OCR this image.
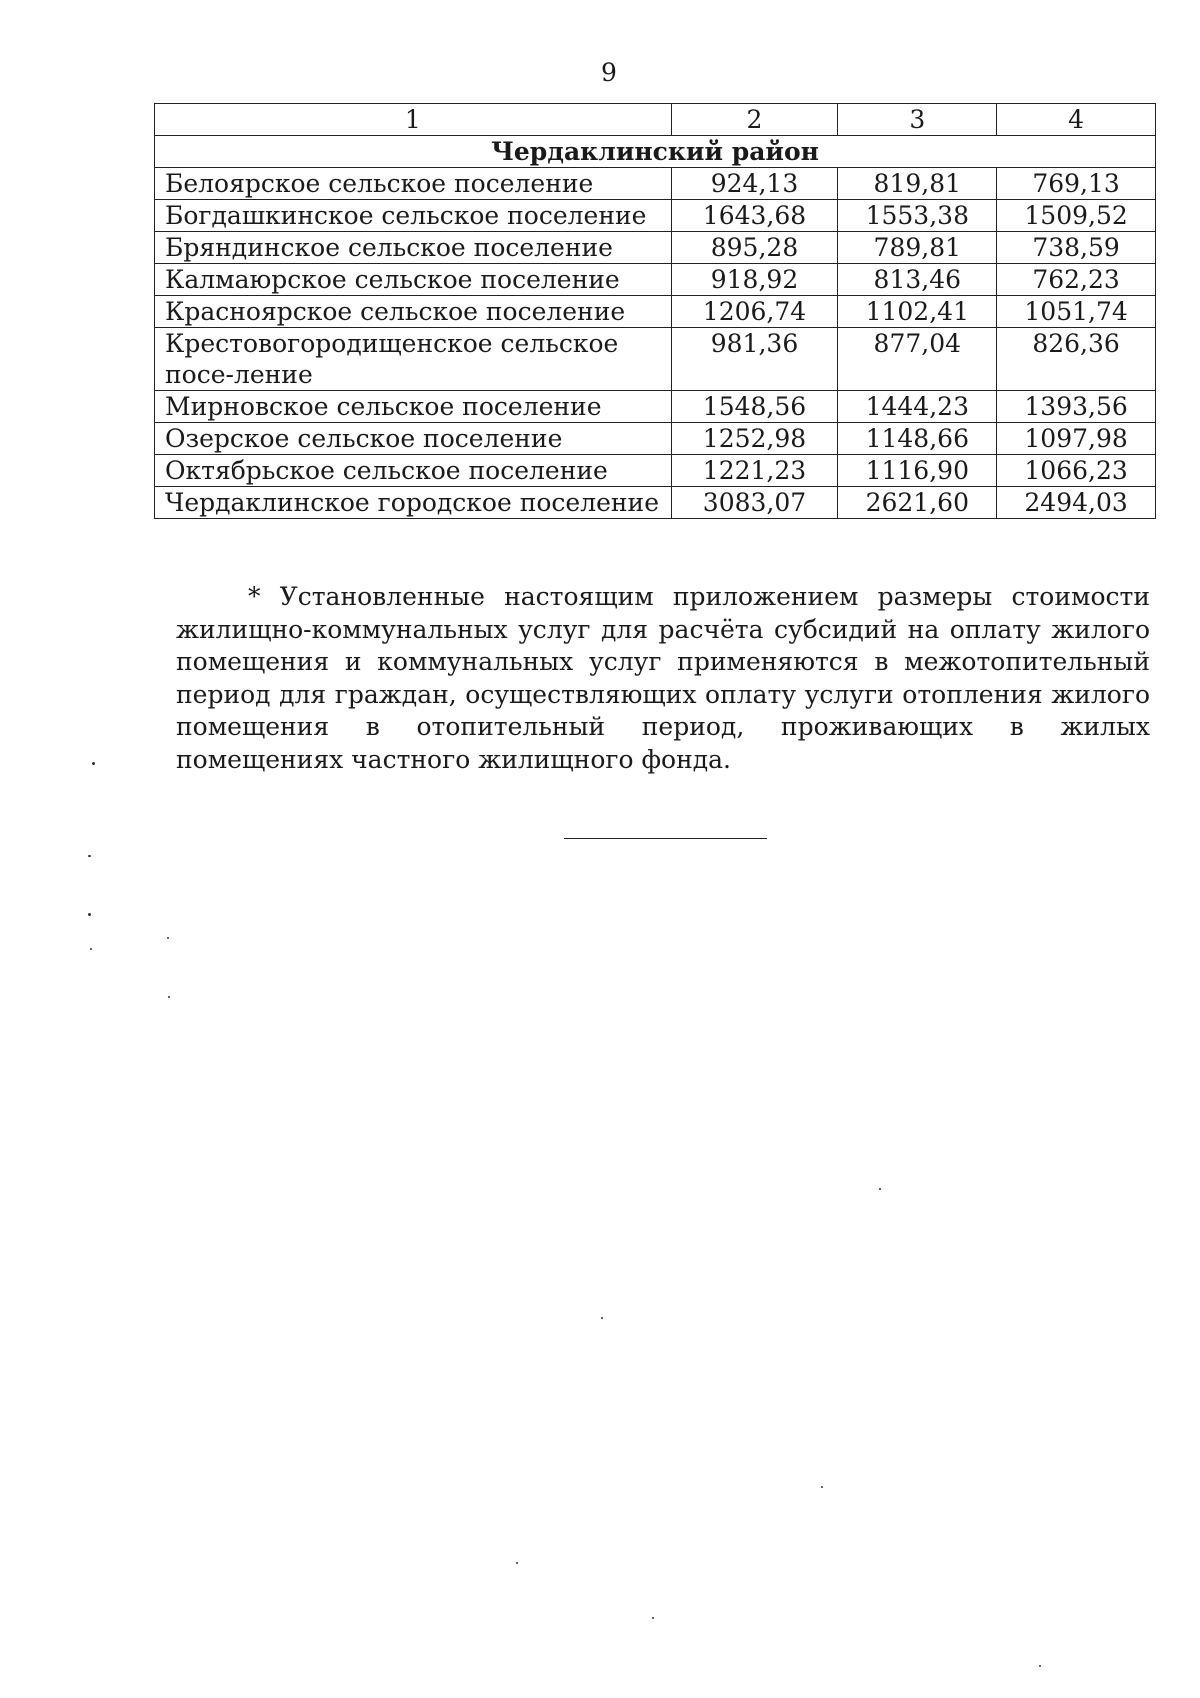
9
1	2	3	4
Чердаклинский район			
Белоярское сельское поселение	924,13	819,81	769,13
Богдашкинское сельское поселение	1643,68	1553,38	1509,52
Бряндинское сельское поселение	895,28	789,81	738,59
Калмаюрское сельское поселение	918,92	813,46	762,23
Красноярское сельское поселение	1206,74	1102,41	1051,74
Крестовогородищенское сельское посе-ление	981,36	877,04	826,36
Мирновское сельское поселение	1548,56	1444,23	1393,56
Озерское сельское поселение	1252,98	1148,66	1097,98
Октябрьское сельское поселение	1221,23	1116,90	1066,23
Чердаклинское городское поселение	3083,07	2621,60	2494,03

* Установленные настоящим приложением размеры стоимости жилищно-коммунальных услуг для расчёта субсидий на оплату жилого помещения и коммунальных услуг применяются в межотопительный период для граждан, осуществляющих оплату услуги отопления жилого помещения в отопительный период, проживающих в жилых помещениях частного жилищного фонда.
